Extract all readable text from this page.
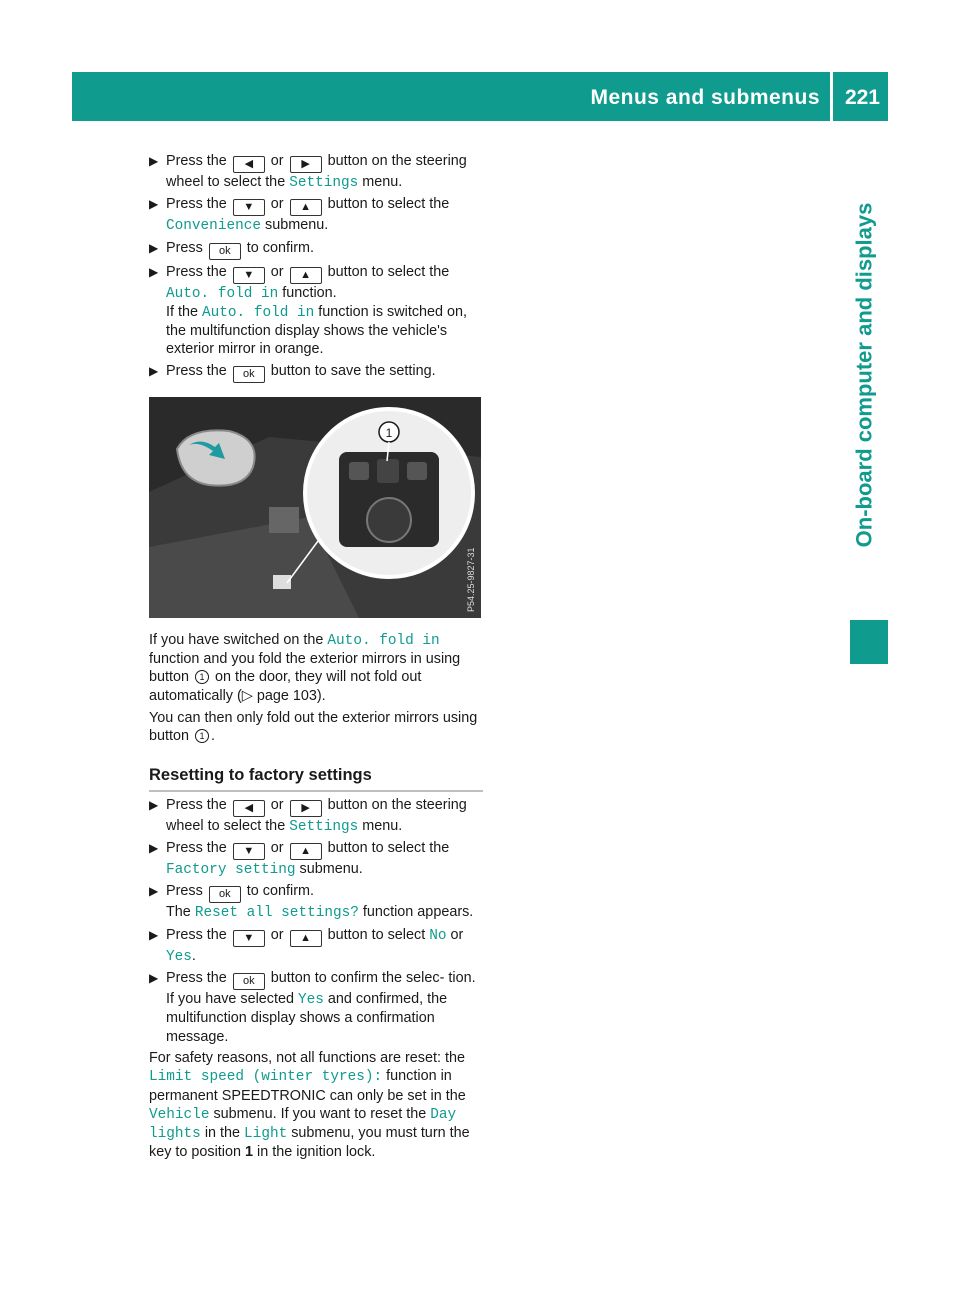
Menus and submenus 221
On-board computer and displays
▶ Press the ◀ or ▶ button on the steering wheel to select the Settings menu.
▶ Press the ▼ or ▲ button to select the Convenience submenu.
▶ Press ok to confirm.
▶ Press the ▼ or ▲ button to select the Auto. fold in function.
If the Auto. fold in function is switched on, the multifunction display shows the vehicle's exterior mirror in orange.
▶ Press the ok button to save the setting.
1
P54.25-9827-31

If you have switched on the Auto. fold in function and you fold the exterior mirrors in using button 1 on the door, they will not fold out automatically (▷ page 103).

You can then only fold out the exterior mirrors using button 1 .

Resetting to factory settings
▶ Press the ◀ or ▶ button on the steering wheel to select the Settings menu.
▶ Press the ▼ or ▲ button to select the Factory setting submenu.
▶ Press ok to confirm.
The Reset all settings? function appears.
▶ Press the ▼ or ▲ button to select No or Yes.
▶ Press the ok button to confirm the selec- tion.
If you have selected Yes and confirmed, the multifunction display shows a confirmation message.

For safety reasons, not all functions are reset: the Limit speed (winter tyres): function in permanent SPEEDTRONIC can only be set in the Vehicle submenu. If you want to reset the Day lights in the Light submenu, you must turn the key to position 1 in the ignition lock.
